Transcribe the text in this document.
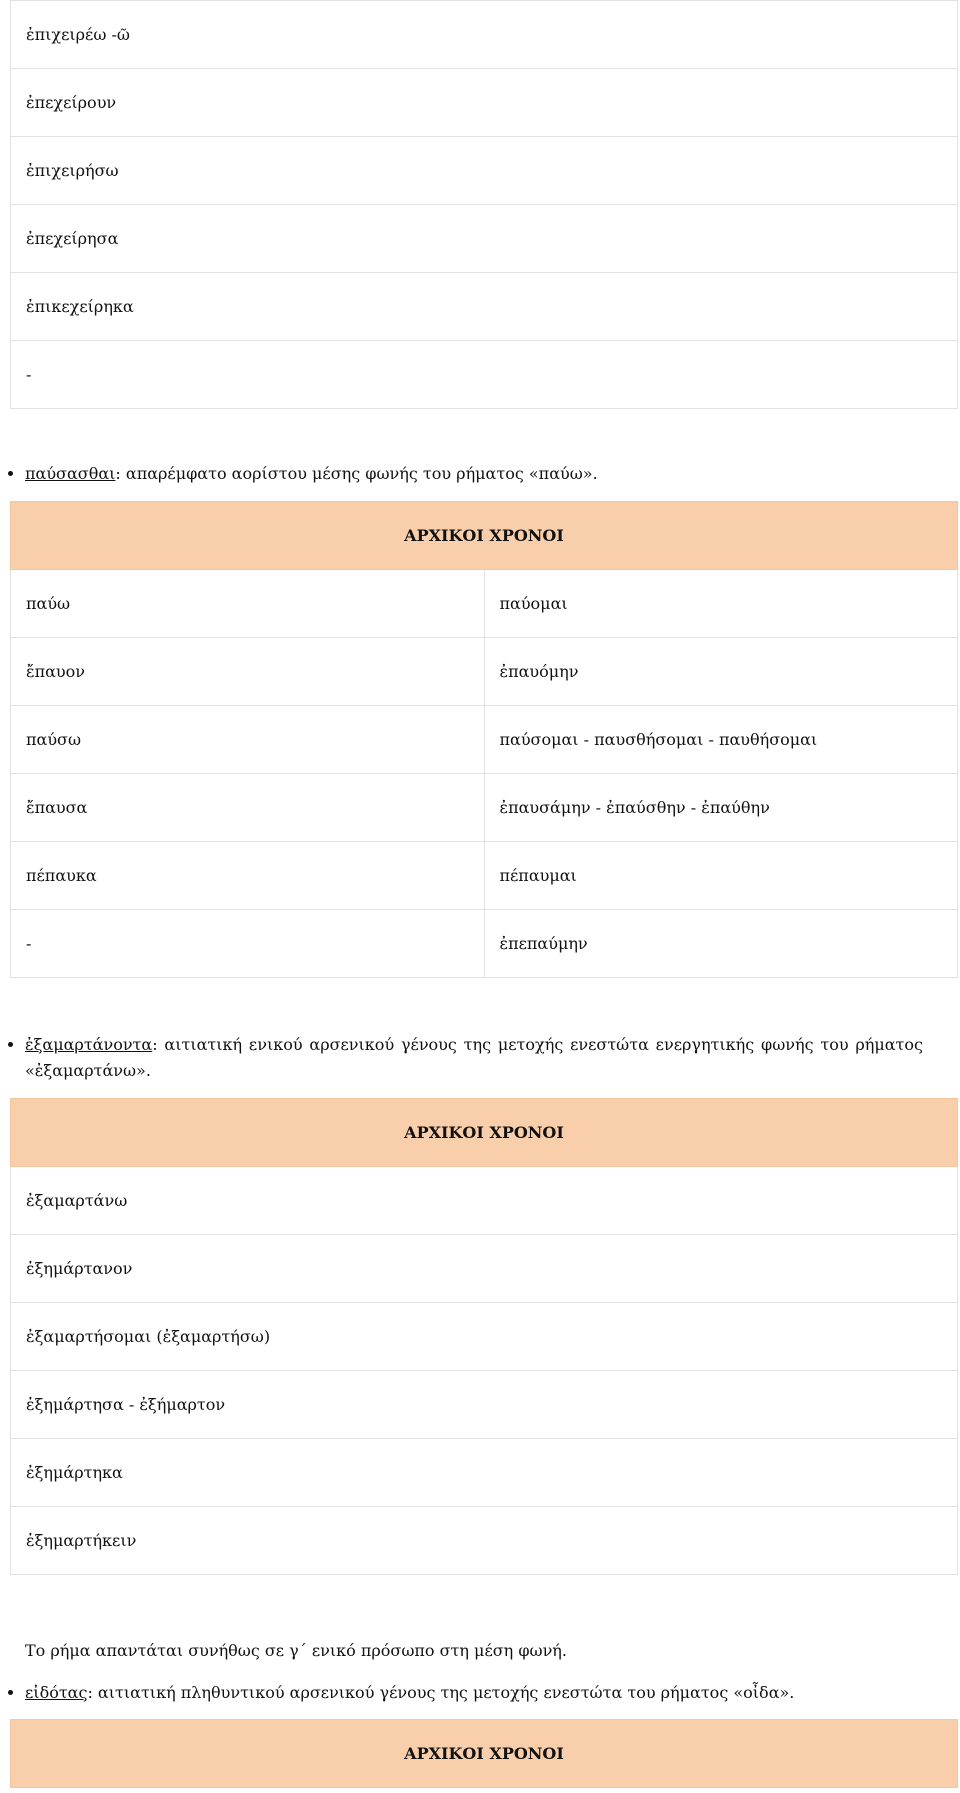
ἐπιχειρέω -ῶ
ἐπεχείρουν
ἐπιχειρήσω
ἐπεχείρησα
ἐπικεχείρηκα
-
• παύσασθαι: απαρέμφατο αορίστου μέσης φωνής του ρήματος «παύω».
ΑΡΧΙΚΟΙ ΧΡΟΝΟΙ	
παύω	παύομαι
ἔπαυον	ἐπαυόμην
παύσω	παύσομαι - παυσθήσομαι - παυθήσομαι
ἔπαυσα	ἐπαυσάμην - ἐπαύσθην - ἐπαύθην
πέπαυκα	πέπαυμαι
-	ἐπεπαύμην
• ἐξαμαρτάνοντα: αιτιατική ενικού αρσενικού γένους της μετοχής ενεστώτα ενεργητικής φωνής του ρήματος «ἐξαμαρτάνω».
ΑΡΧΙΚΟΙ ΧΡΟΝΟΙ
ἐξαμαρτάνω
ἐξημάρτανον
ἐξαμαρτήσομαι (ἐξαμαρτήσω)
ἐξημάρτησα - ἐξήμαρτον
ἐξημάρτηκα
ἐξημαρτήκειν

Το ρήμα απαντάται συνήθως σε γ΄ ενικό πρόσωπο στη μέση φωνή.

• εἰδότας: αιτιατική πληθυντικού αρσενικού γένους της μετοχής ενεστώτα του ρήματος «οἶδα».
ΑΡΧΙΚΟΙ ΧΡΟΝΟΙ
